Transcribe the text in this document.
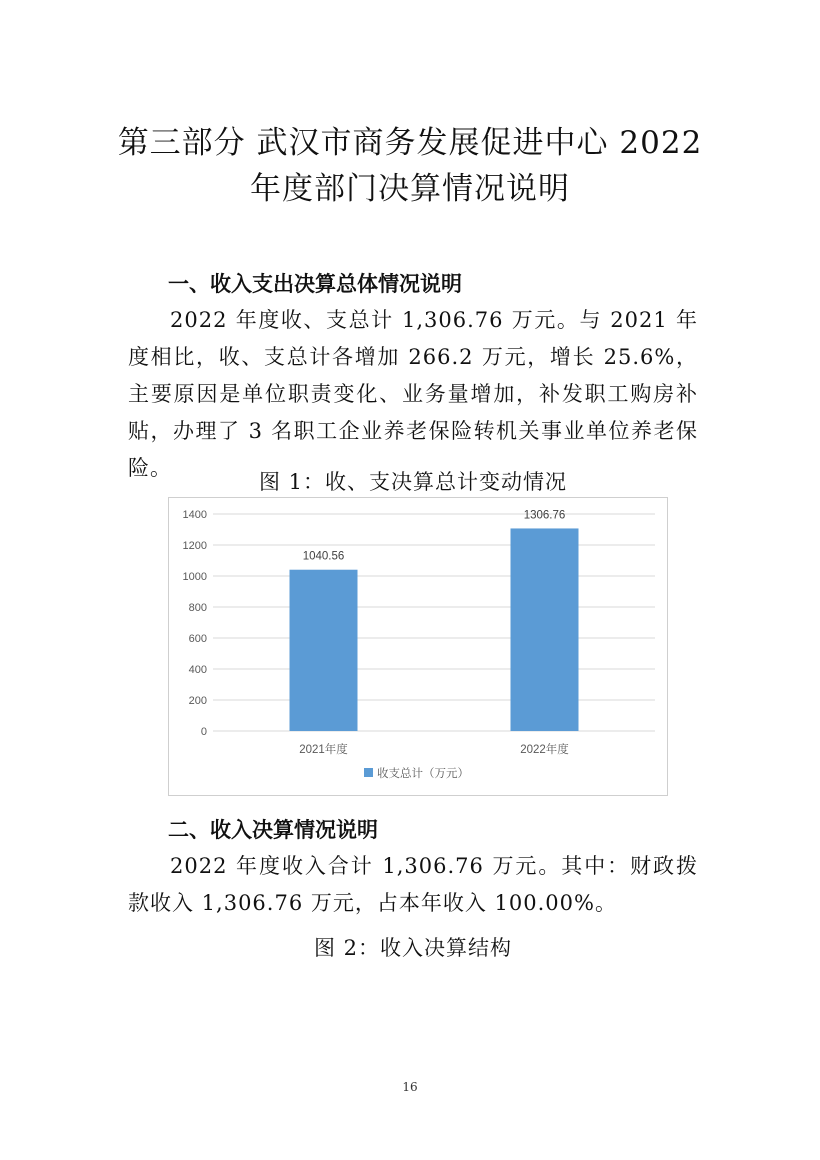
第三部分 武汉市商务发展促进中心 2022
年度部门决算情况说明
一、收入支出决算总体情况说明

2022 年度收、支总计 1,306.76 万元。与 2021 年度相比，收、支总计各增加 266.2 万元，增长 25.6%，主要原因是单位职责变化、业务量增加，补发职工购房补贴，办理了 3 名职工企业养老保险转机关事业单位养老保险。

图 1：收、支决算总计变动情况
0
200
400
600
800
1000
1200
1400
1040.56
2021年度
1306.76
2022年度
收支总计（万元）
二、收入决算情况说明

2022 年度收入合计 1,306.76 万元。其中：财政拨款收入 1,306.76 万元，占本年收入 100.00%。

图 2：收入决算结构
16
